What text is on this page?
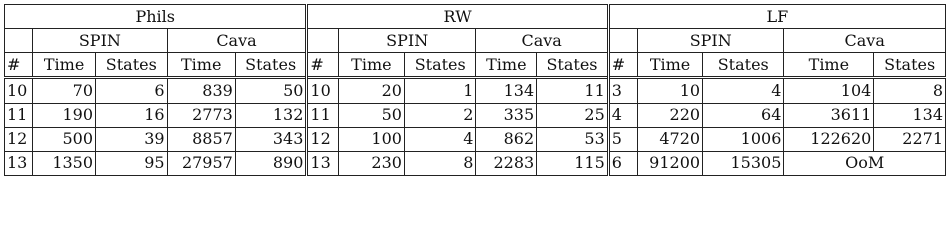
Phils					RW					LF				
	SPIN		Cava			SPIN		Cava			SPIN		Cava	
#	Time	States	Time	States	#	Time	States	Time	States	#	Time	States	Time	States
10	70	6	839	50	10	20	1	134	11	3	10	4	104	8
11	190	16	2773	132	11	50	2	335	25	4	220	64	3611	134
12	500	39	8857	343	12	100	4	862	53	5	4720	1006	122620	2271
13	1350	95	27957	890	13	230	8	2283	115	6	91200	15305	OoM	
